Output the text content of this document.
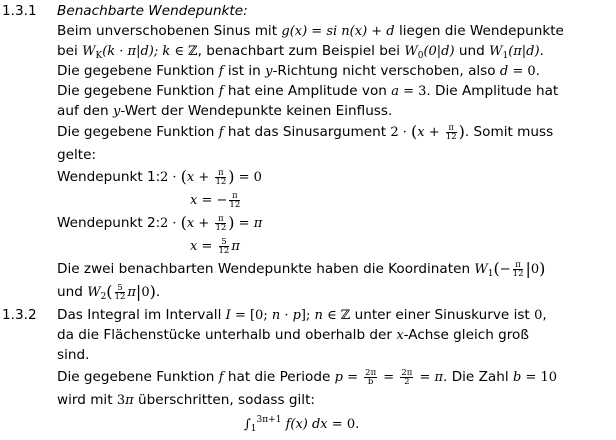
1.3.1 Benachbarte Wendepunkte:
1.3.2
Beim unverschobenen Sinus mit g(x) = si n(x) + d liegen die Wendepunkte
bei $W_K(k \cdot \pi|d)$; k ∈ ℤ, benachbart zum Beispiel bei $W_0(0|d)$ und $W_1(\pi|d)$.
Die gegebene Funktion f ist in y-Richtung nicht verschoben, also d = 0.
Die gegebene Funktion f hat eine Amplitude von a = 3. Die Amplitude hat
auf den y-Wert der Wendepunkte keinen Einfluss.
Die gegebene Funktion f hat das Sinusargument $2 \cdot (x + \frac{\pi}{12}$ ). Somit muss
gelte:
Wendepunkt 1: $2 \cdot (x + \frac{\pi}{12}$ ) = 0
x = − $\frac{\pi}{12}$
Wendepunkt 2: $2 \cdot (x + \frac{\pi}{12}$ ) = π
$x = \frac{5}{12}$ π
Die zwei benachbarten Wendepunkte haben die Koordinaten $W_1(- \frac{\pi}{12} |0)$
und $W_2( \frac{5}{12} \pi|0)$.
Das Integral im Intervall I = [0; n · p]; n ∈ ℤ unter einer Sinuskurve ist 0,
da die Flächenstücke unterhalb und oberhalb der x-Achse gleich groß
sind.
Die gegebene Funktion f hat die Periode $p = \frac{2\pi}{b} = \frac{2\pi}{2} = \pi$. Die Zahl b = 10
wird mit 3π überschritten, sodass gilt:
$\int_1^{3\pi+1}$ f(x) dx = 0.
